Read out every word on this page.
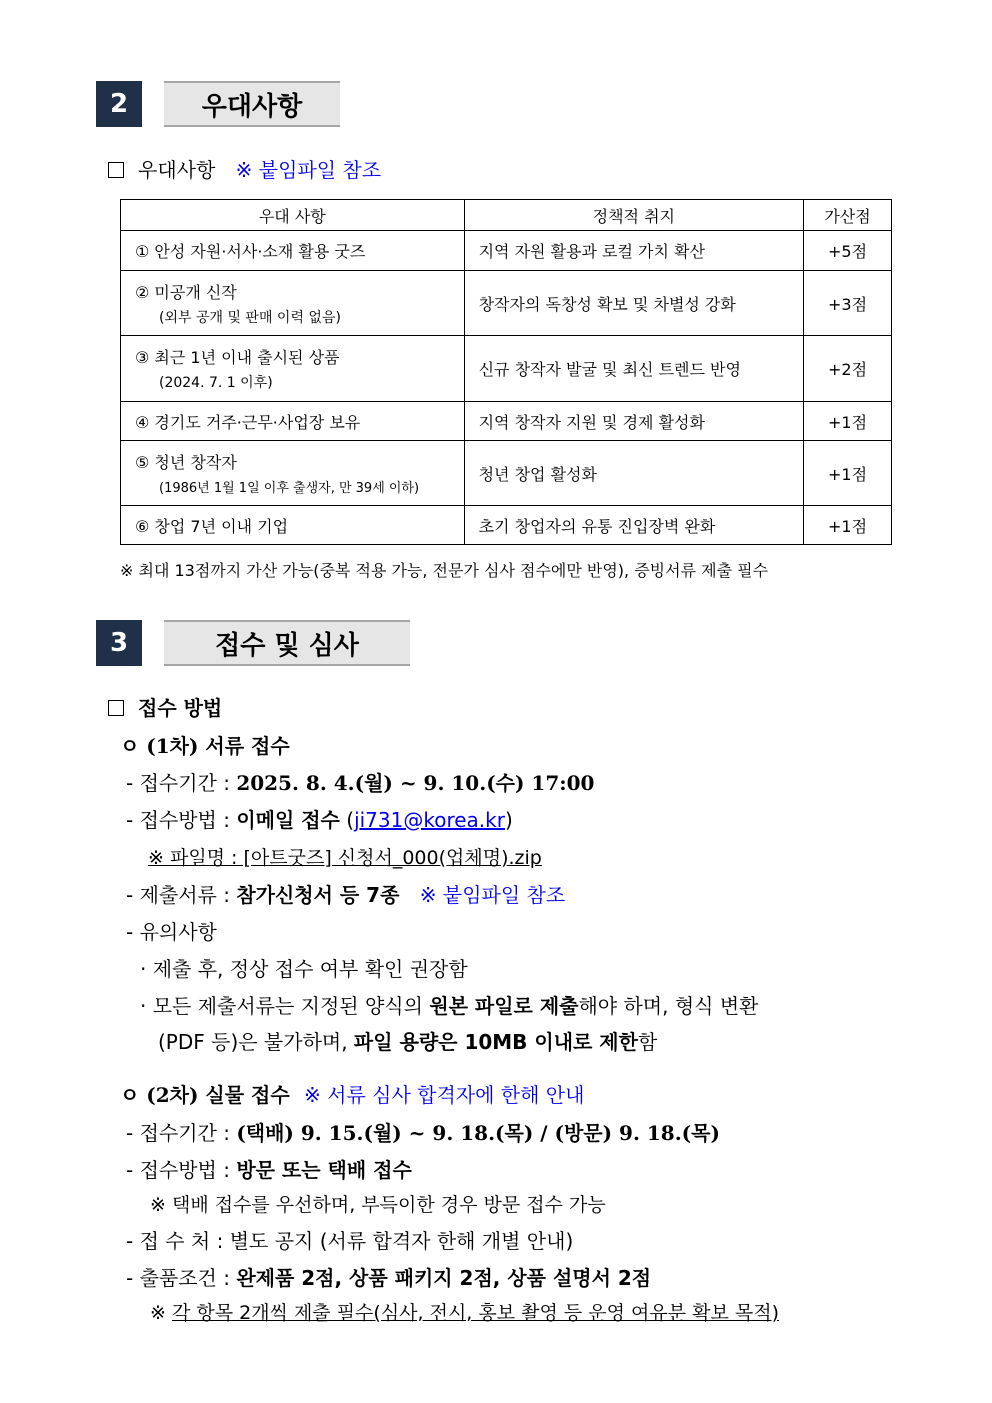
2	우대사항
우대사항 ※ 붙임파일 참조
우대 사항	정책적 취지	가산점
① 안성 자원·서사·소재 활용 굿즈	지역 자원 활용과 로컬 가치 확산	+5점
② 미공개 신작
(외부 공개 및 판매 이력 없음)	창작자의 독창성 확보 및 차별성 강화	+3점
③ 최근 1년 이내 출시된 상품
(2024. 7. 1 이후)	신규 창작자 발굴 및 최신 트렌드 반영	+2점
④ 경기도 거주·근무·사업장 보유	지역 창작자 지원 및 경제 활성화	+1점
⑤ 청년 창작자
(1986년 1월 1일 이후 출생자, 만 39세 이하)	청년 창업 활성화	+1점
⑥ 창업 7년 이내 기업	초기 창업자의 유통 진입장벽 완화	+1점
※ 최대 13점까지 가산 가능(중복 적용 가능, 전문가 심사 점수에만 반영), 증빙서류 제출 필수
3	접수 및 심사
접수 방법
ㅇ (1차) 서류 접수
- 접수기간 : 2025. 8. 4.(월) ~ 9. 10.(수) 17:00
- 접수방법 : 이메일 접수 (ji731@korea.kr)
※ 파일명 : [아트굿즈] 신청서_000(업체명).zip
- 제출서류 : 참가신청서 등 7종 ※ 붙임파일 참조
- 유의사항
· 제출 후, 정상 접수 여부 확인 권장함
· 모든 제출서류는 지정된 양식의 원본 파일로 제출해야 하며, 형식 변환
(PDF 등)은 불가하며, 파일 용량은 10MB 이내로 제한함
ㅇ (2차) 실물 접수 ※ 서류 심사 합격자에 한해 안내
- 접수기간 : (택배) 9. 15.(월) ~ 9. 18.(목) / (방문) 9. 18.(목)
- 접수방법 : 방문 또는 택배 접수
※ 택배 접수를 우선하며, 부득이한 경우 방문 접수 가능
- 접 수 처 : 별도 공지 (서류 합격자 한해 개별 안내)
- 출품조건 : 완제품 2점, 상품 패키지 2점, 상품 설명서 2점
※ 각 항목 2개씩 제출 필수(심사, 전시, 홍보 촬영 등 운영 여유분 확보 목적)
